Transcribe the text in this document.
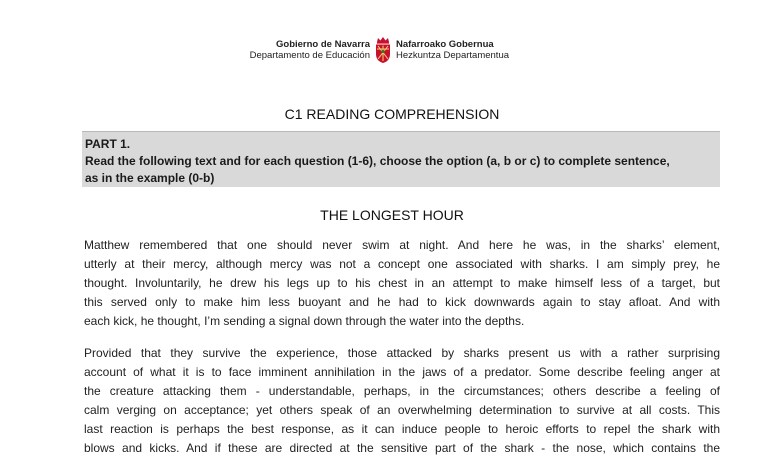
Gobierno de Navarra
Departamento de Educación
Nafarroako Gobernua
Hezkuntza Departamentua
C1 READING COMPREHENSION
PART 1.
Read the following text and for each question (1-6), choose the option (a, b or c) to complete sentence,
as in the example (0-b)
THE LONGEST HOUR
Matthew remembered that one should never swim at night. And here he was, in the sharks’ element,
utterly at their mercy, although mercy was not a concept one associated with sharks. I am simply prey, he
thought. Involuntarily, he drew his legs up to his chest in an attempt to make himself less of a target, but
this served only to make him less buoyant and he had to kick downwards again to stay afloat. And with
each kick, he thought, I’m sending a signal down through the water into the depths.
Provided that they survive the experience, those attacked by sharks present us with a rather surprising
account of what it is to face imminent annihilation in the jaws of a predator. Some describe feeling anger at
the creature attacking them - understandable, perhaps, in the circumstances; others describe a feeling of
calm verging on acceptance; yet others speak of an overwhelming determination to survive at all costs. This
last reaction is perhaps the best response, as it can induce people to heroic efforts to repel the shark with
blows and kicks. And if these are directed at the sensitive part of the shark - the nose, which contains the
